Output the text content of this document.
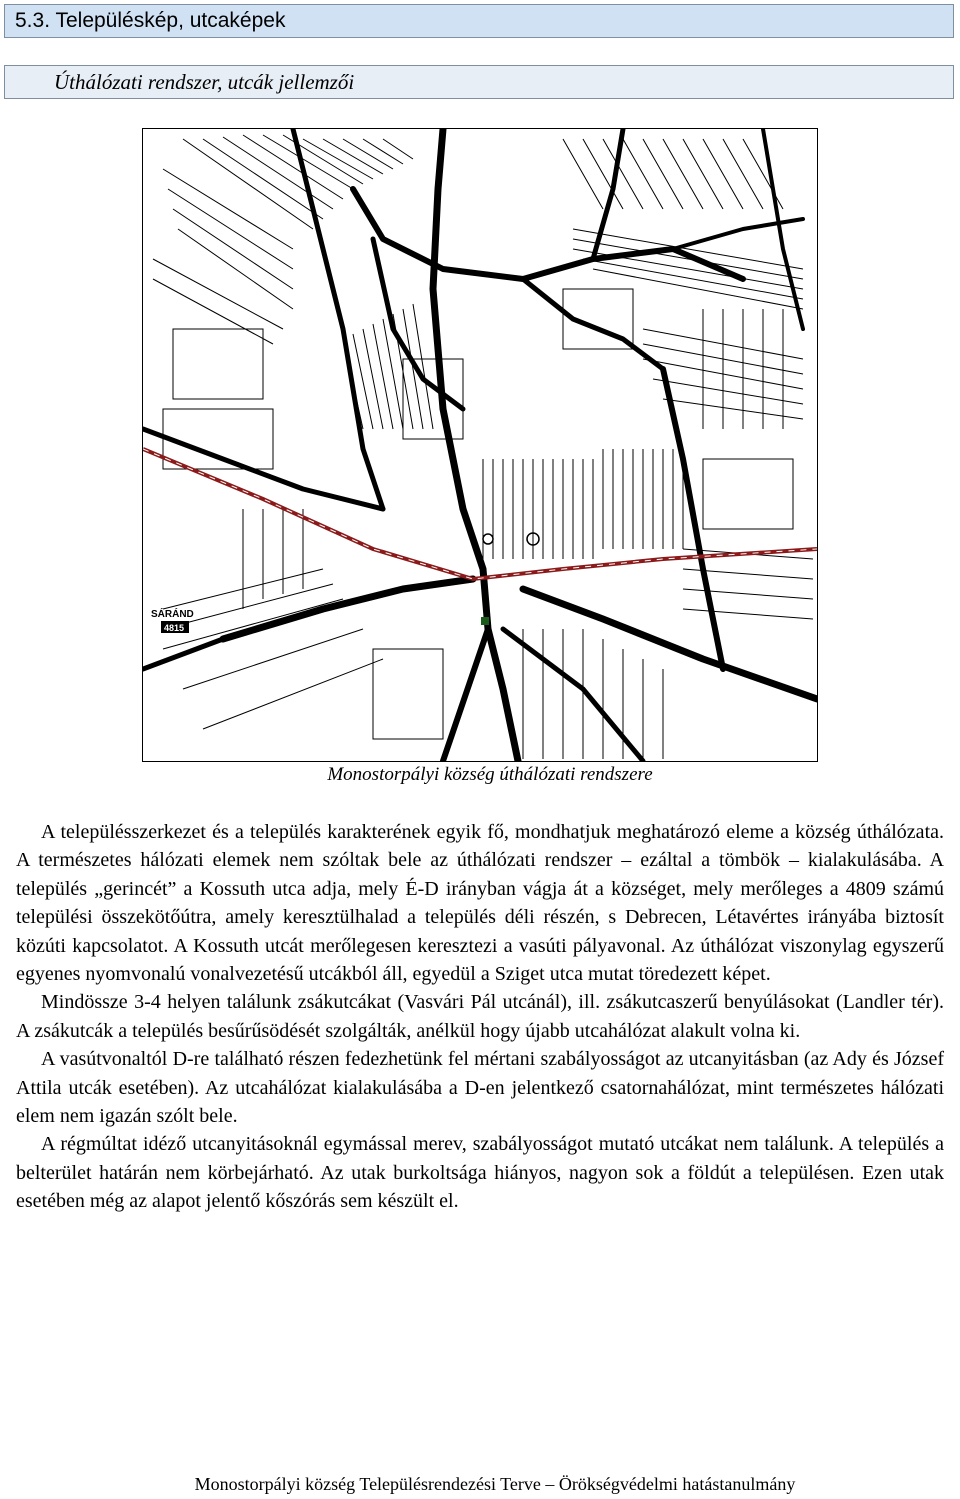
5.3. Településkép, utcaképek
Úthálózati rendszer, utcák jellemzői
SÁRÁND
4815
Monostorpályi község úthálózati rendszere

A településszerkezet és a település karakterének egyik fő, mondhatjuk meghatározó eleme a község úthálózata. A természetes hálózati elemek nem szóltak bele az úthálózati rendszer – ezáltal a tömbök – kialakulásába. A település „gerincét” a Kossuth utca adja, mely É-D irányban vágja át a községet, mely merőleges a 4809 számú települési összekötőútra, amely keresztülhalad a település déli részén, s Debrecen, Létavértes irányába biztosít közúti kapcsolatot. A Kossuth utcát merőlegesen keresztezi a vasúti pályavonal. Az úthálózat viszonylag egyszerű egyenes nyomvonalú vonalvezetésű utcákból áll, egyedül a Sziget utca mutat töredezett képet.

Mindössze 3-4 helyen találunk zsákutcákat (Vasvári Pál utcánál), ill. zsákutcaszerű benyúlásokat (Landler tér). A zsákutcák a település besűrűsödését szolgálták, anélkül hogy újabb utcahálózat alakult volna ki.

A vasútvonaltól D-re található részen fedezhetünk fel mértani szabályosságot az utcanyitásban (az Ady és József Attila utcák esetében). Az utcahálózat kialakulásába a D-en jelentkező csatornahálózat, mint természetes hálózati elem nem igazán szólt bele.

A régmúltat idéző utcanyitásoknál egymással merev, szabályosságot mutató utcákat nem találunk. A település a belterület határán nem körbejárható. Az utak burkoltsága hiányos, nagyon sok a földút a településen. Ezen utak esetében még az alapot jelentő kőszórás sem készült el.

Monostorpályi község Településrendezési Terve – Örökségvédelmi hatástanulmány
